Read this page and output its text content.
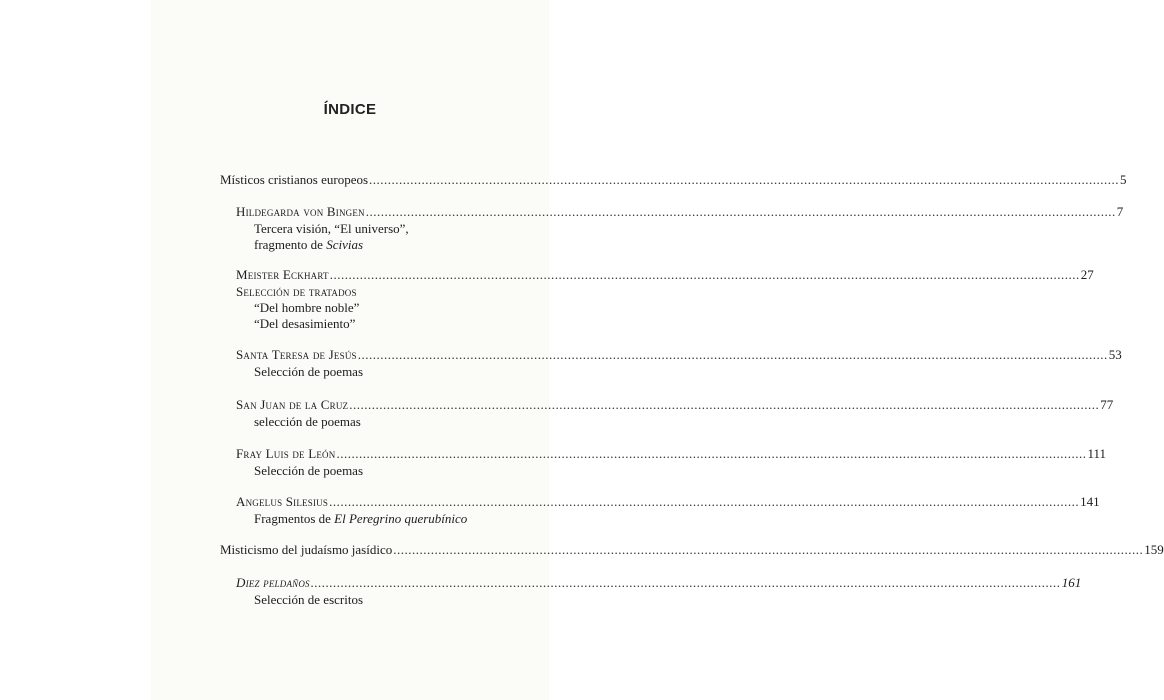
ÍNDICE
Místicos cristianos europeos ........................................................................................................................................................................................................ 5
Hildegarda von Bingen ........................................................................................................................................................................................................ 7
Tercera visión, “El universo”,
fragmento de Scivias
Meister Eckhart ........................................................................................................................................................................................................ 27
Selección de tratados
“Del hombre noble”
“Del desasimiento”
Santa Teresa de Jesús ........................................................................................................................................................................................................ 53
Selección de poemas
San Juan de la Cruz ........................................................................................................................................................................................................ 77
selección de poemas
Fray Luis de León ........................................................................................................................................................................................................ 111
Selección de poemas
Angelus Silesius ........................................................................................................................................................................................................ 141
Fragmentos de El Peregrino querubínico
Misticismo del judaísmo jasídico ........................................................................................................................................................................................................ 159
Diez peldaños ........................................................................................................................................................................................................ 161
Selección de escritos
